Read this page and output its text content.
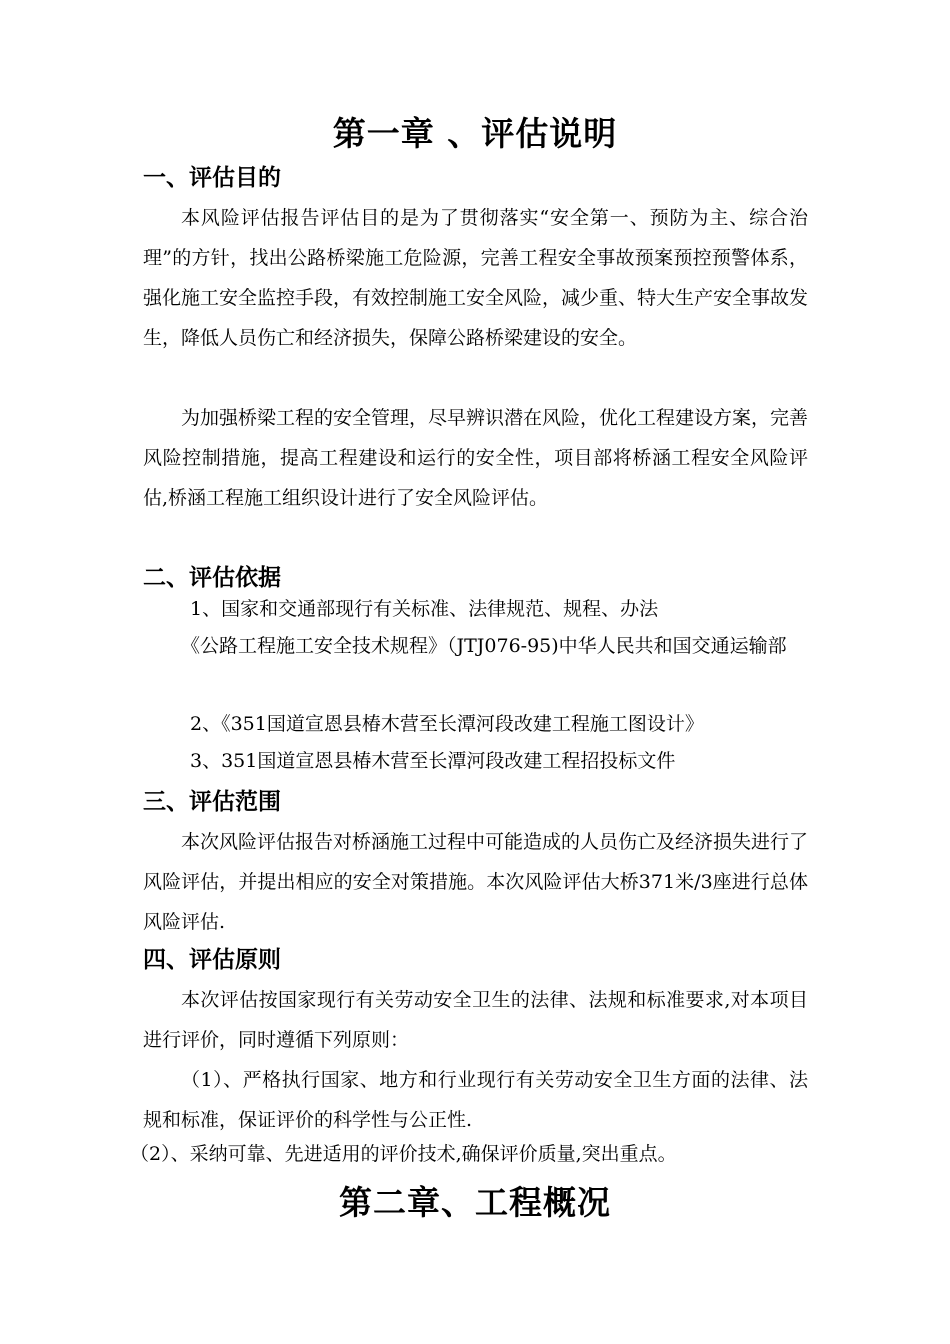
第一章 、评估说明
一、评估目的

本风险评估报告评估目的是为了贯彻落实“安全第一、预防为主、综合治理”的方针，找出公路桥梁施工危险源，完善工程安全事故预案预控预警体系，强化施工安全监控手段，有效控制施工安全风险，减少重、特大生产安全事故发生，降低人员伤亡和经济损失，保障公路桥梁建设的安全。

为加强桥梁工程的安全管理，尽早辨识潜在风险，优化工程建设方案，完善风险控制措施，提高工程建设和运行的安全性，项目部将桥涵工程安全风险评估,桥涵工程施工组织设计进行了安全风险评估。

二、评估依据

1、国家和交通部现行有关标准、法律规范、规程、办法

《公路工程施工安全技术规程》（JTJ076-95)中华人民共和国交通运输部

2、《351国道宣恩县椿木营至长潭河段改建工程施工图设计》

3、351国道宣恩县椿木营至长潭河段改建工程招投标文件

三、评估范围

本次风险评估报告对桥涵施工过程中可能造成的人员伤亡及经济损失进行了风险评估，并提出相应的安全对策措施。本次风险评估大桥371米/3座进行总体风险评估.

四、评估原则

本次评估按国家现行有关劳动安全卫生的法律、法规和标准要求,对本项目进行评价，同时遵循下列原则：

（1）、严格执行国家、地方和行业现行有关劳动安全卫生方面的法律、法规和标准，保证评价的科学性与公正性.

（2）、采纳可靠、先进适用的评价技术,确保评价质量,突出重点。

第二章、工程概况
